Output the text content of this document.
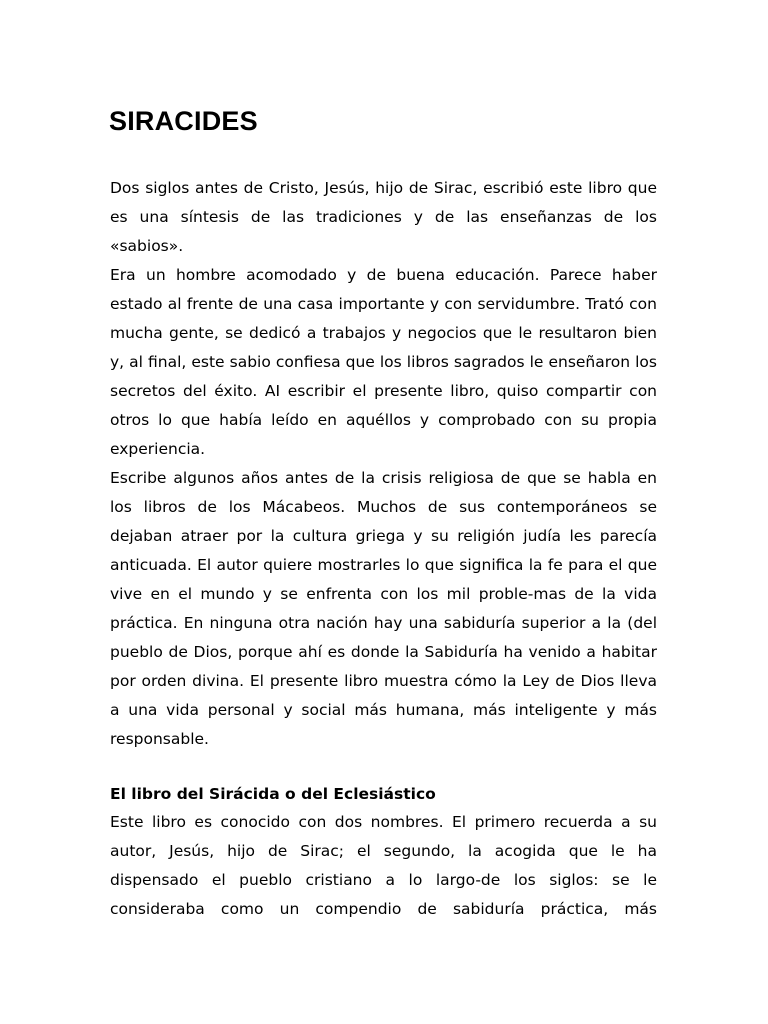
SIRACIDES

Dos siglos antes de Cristo, Jesús, hijo de Sirac, escribió este libro que es una síntesis de las tradiciones y de las enseñanzas de los «sabios».

Era un hombre acomodado y de buena educación. Parece haber estado al frente de una casa importante y con servidumbre. Trató con mucha gente, se dedicó a trabajos y negocios que le resultaron bien y, al final, este sabio confiesa que los libros sagrados le enseñaron los secretos del éxito. AI escribir el presente libro, quiso compartir con otros lo que había leído en aquéllos y comprobado con su propia experiencia.

Escribe algunos años antes de la crisis religiosa de que se habla en los libros de los Mácabeos. Muchos de sus contemporáneos se dejaban atraer por la cultura griega y su religión judía les parecía anticuada. El autor quiere mostrarles lo que significa la fe para el que vive en el mundo y se enfrenta con los mil proble-mas de la vida práctica. En ninguna otra nación hay una sabiduría superior a la (del pueblo de Dios, porque ahí es donde la Sabiduría ha venido a habitar por orden divina. El presente libro muestra cómo la Ley de Dios lleva a una vida personal y social más humana, más inteligente y más responsable.

El libro del Sirácida o del Eclesiástico

Este libro es conocido con dos nombres. El primero recuerda a su autor, Jesús, hijo de Sirac; el segundo, la acogida que le ha dispensado el pueblo cristiano a lo largo-de los siglos: se le consideraba como un compendio de sabiduría práctica, más
